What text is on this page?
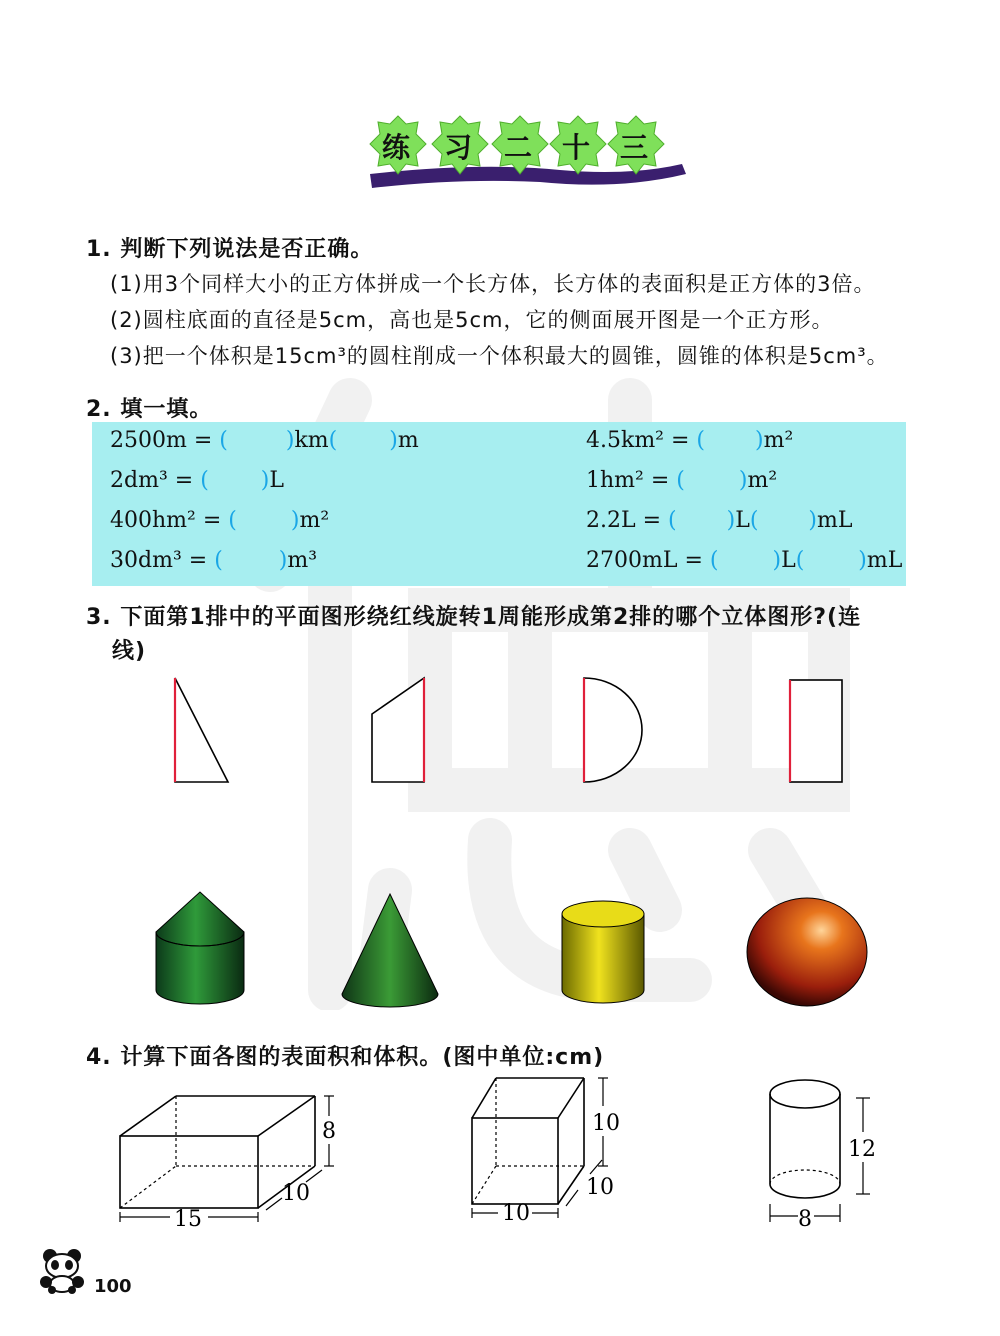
练 习 二 十 三
1. 判断下列说法是否正确。
(1)用3个同样大小的正方体拼成一个长方体，长方体的表面积是正方体的3倍。
(2)圆柱底面的直径是5cm，高也是5cm，它的侧面展开图是一个正方形。
(3)把一个体积是15cm³的圆柱削成一个体积最大的圆锥，圆锥的体积是5cm³。
2. 填一填。
2500m = (	)km( )m
2dm³ = ( )L
400hm² = ( )m²
30dm³ = (	)m³
4.5km² = ( )m²
1hm² = ( )m²
2.2L = ( )L( )mL
2700mL = ( )L( )mL
3. 下面第1排中的平面图形绕红线旋转1周能形成第2排的哪个立体图形?(连
线)
4. 计算下面各图的表面积和体积。(图中单位:cm)
15
8
10
10
10
10
12
8
100
